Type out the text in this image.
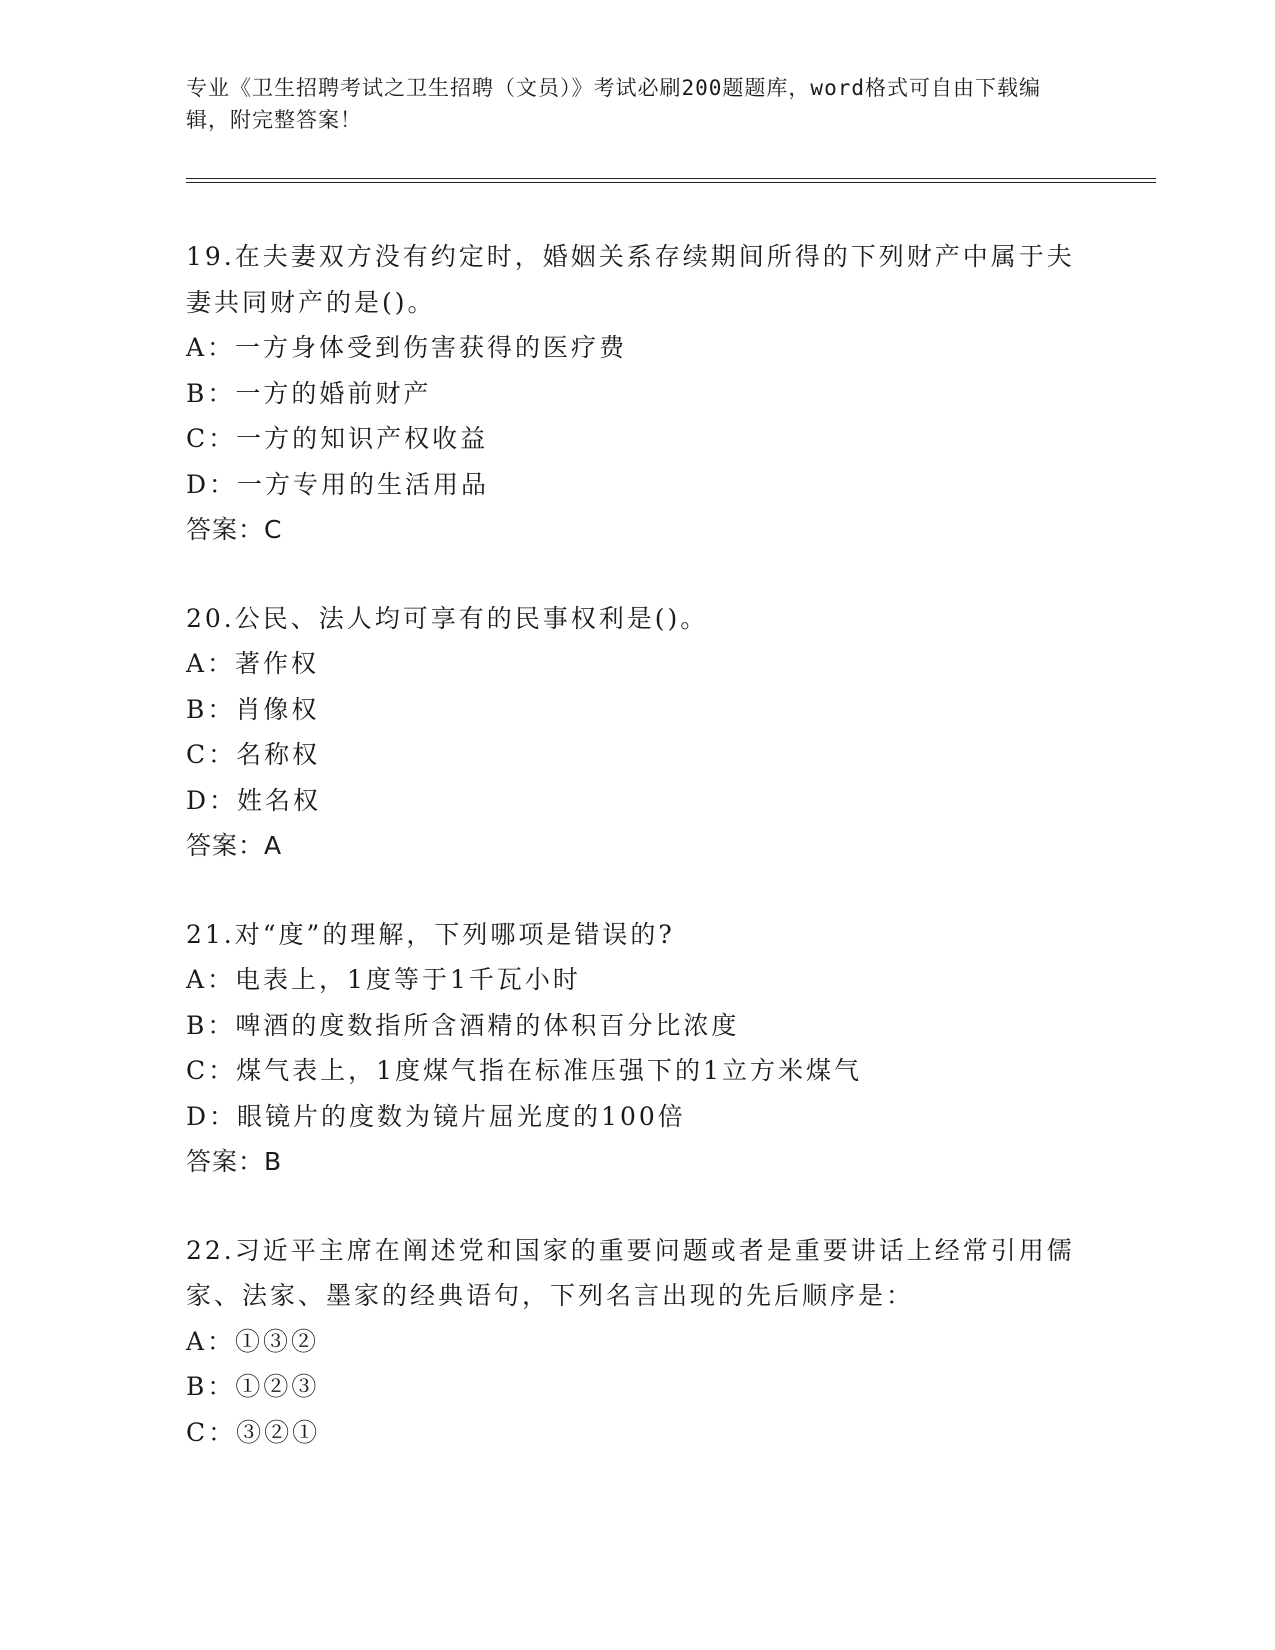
专业《卫生招聘考试之卫生招聘（文员）》考试必刷200题题库，word格式可自由下载编辑，附完整答案！

19.在夫妻双方没有约定时，婚姻关系存续期间所得的下列财产中属于夫妻共同财产的是()。

A：一方身体受到伤害获得的医疗费

B：一方的婚前财产

C：一方的知识产权收益

D：一方专用的生活用品

答案：C

20.公民、法人均可享有的民事权利是()。

A：著作权

B：肖像权

C：名称权

D：姓名权

答案：A

21.对“度”的理解，下列哪项是错误的?

A：电表上，1度等于1千瓦小时

B：啤酒的度数指所含酒精的体积百分比浓度

C：煤气表上，1度煤气指在标准压强下的1立方米煤气

D：眼镜片的度数为镜片屈光度的100倍

答案：B

22.习近平主席在阐述党和国家的重要问题或者是重要讲话上经常引用儒家、法家、墨家的经典语句，下列名言出现的先后顺序是：

A：①③②

B：①②③

C：③②①
